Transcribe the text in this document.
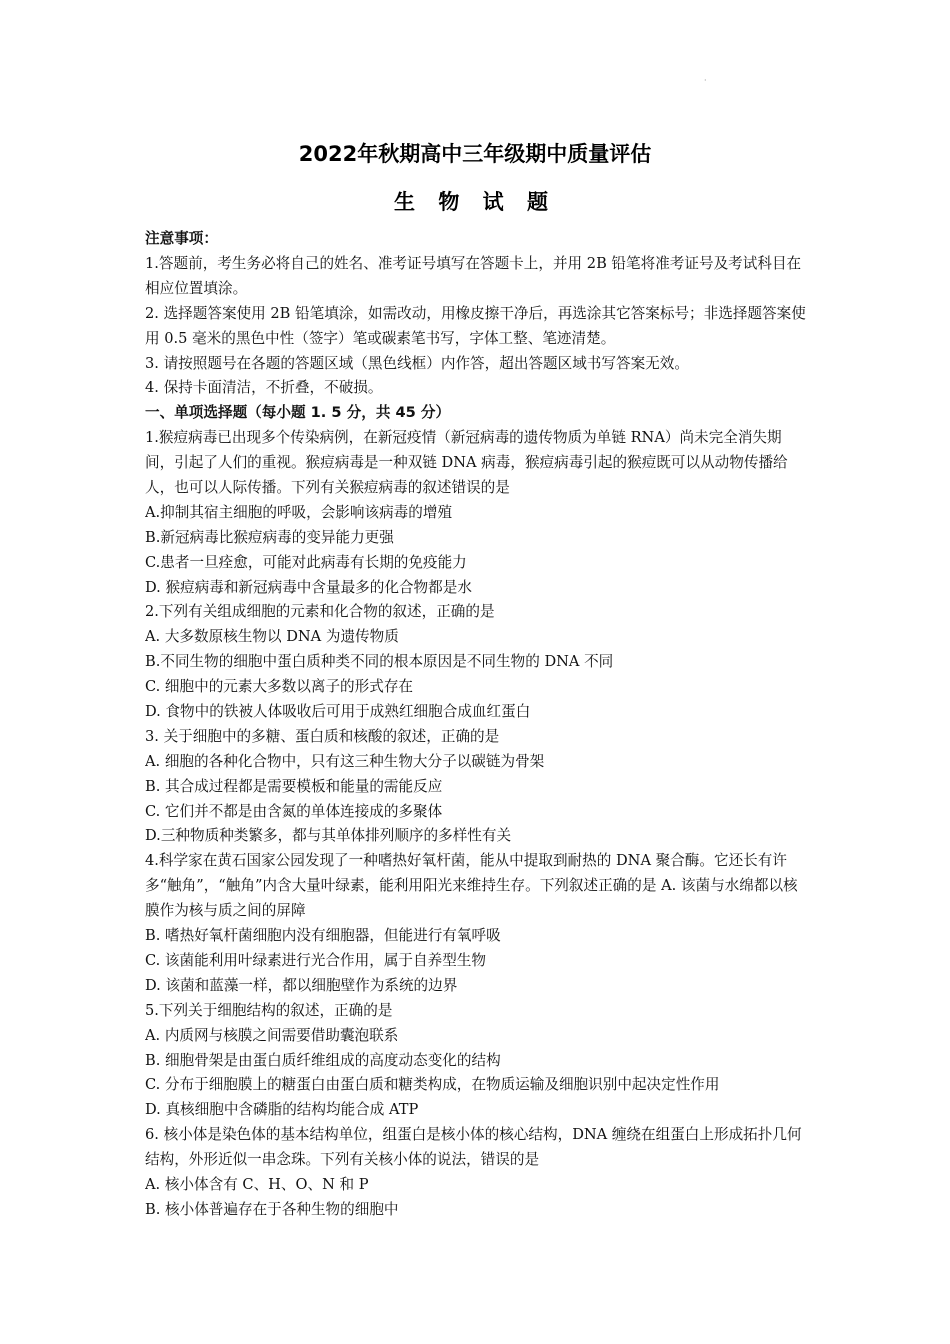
·
2022年秋期高中三年级期中质量评估
生 物 试 题
注意事项：
1.答题前，考生务必将自己的姓名、准考证号填写在答题卡上，并用 2B 铅笔将准考证号及考试科目在相应位置填涂。
2. 选择题答案使用 2B 铅笔填涂，如需改动，用橡皮擦干净后，再选涂其它答案标号；非选择题答案使用 0.5 毫米的黑色中性（签字）笔或碳素笔书写，字体工整、笔迹清楚。
3. 请按照题号在各题的答题区域（黑色线框）内作答，超出答题区域书写答案无效。
4. 保持卡面清洁，不折叠，不破损。
一、单项选择题（每小题 1. 5 分，共 45 分）
1.猴痘病毒已出现多个传染病例，在新冠疫情（新冠病毒的遗传物质为单链 RNA）尚未完全消失期间，引起了人们的重视。猴痘病毒是一种双链 DNA 病毒，猴痘病毒引起的猴痘既可以从动物传播给人，也可以人际传播。下列有关猴痘病毒的叙述错误的是
A.抑制其宿主细胞的呼吸，会影响该病毒的增殖
B.新冠病毒比猴痘病毒的变异能力更强
C.患者一旦痊愈，可能对此病毒有长期的免疫能力
D. 猴痘病毒和新冠病毒中含量最多的化合物都是水
2.下列有关组成细胞的元素和化合物的叙述，正确的是
A. 大多数原核生物以 DNA 为遗传物质
B.不同生物的细胞中蛋白质种类不同的根本原因是不同生物的 DNA 不同
C. 细胞中的元素大多数以离子的形式存在
D. 食物中的铁被人体吸收后可用于成熟红细胞合成血红蛋白
3. 关于细胞中的多糖、蛋白质和核酸的叙述，正确的是
A. 细胞的各种化合物中，只有这三种生物大分子以碳链为骨架
B. 其合成过程都是需要模板和能量的需能反应
C. 它们并不都是由含氮的单体连接成的多聚体
D.三种物质种类繁多，都与其单体排列顺序的多样性有关
4.科学家在黄石国家公园发现了一种嗜热好氧杆菌，能从中提取到耐热的 DNA 聚合酶。它还长有许多“触角”，“触角”内含大量叶绿素，能利用阳光来维持生存。下列叙述正确的是 A. 该菌与水绵都以核膜作为核与质之间的屏障
B. 嗜热好氧杆菌细胞内没有细胞器，但能进行有氧呼吸
C. 该菌能利用叶绿素进行光合作用，属于自养型生物
D. 该菌和蓝藻一样，都以细胞壁作为系统的边界
5.下列关于细胞结构的叙述，正确的是
A. 内质网与核膜之间需要借助囊泡联系
B. 细胞骨架是由蛋白质纤维组成的高度动态变化的结构
C. 分布于细胞膜上的糖蛋白由蛋白质和糖类构成，在物质运输及细胞识别中起决定性作用
D. 真核细胞中含磷脂的结构均能合成 ATP
6. 核小体是染色体的基本结构单位，组蛋白是核小体的核心结构，DNA 缠绕在组蛋白上形成拓扑几何结构，外形近似一串念珠。下列有关核小体的说法，错误的是
A. 核小体含有 C、H、O、N 和 P
B. 核小体普遍存在于各种生物的细胞中
